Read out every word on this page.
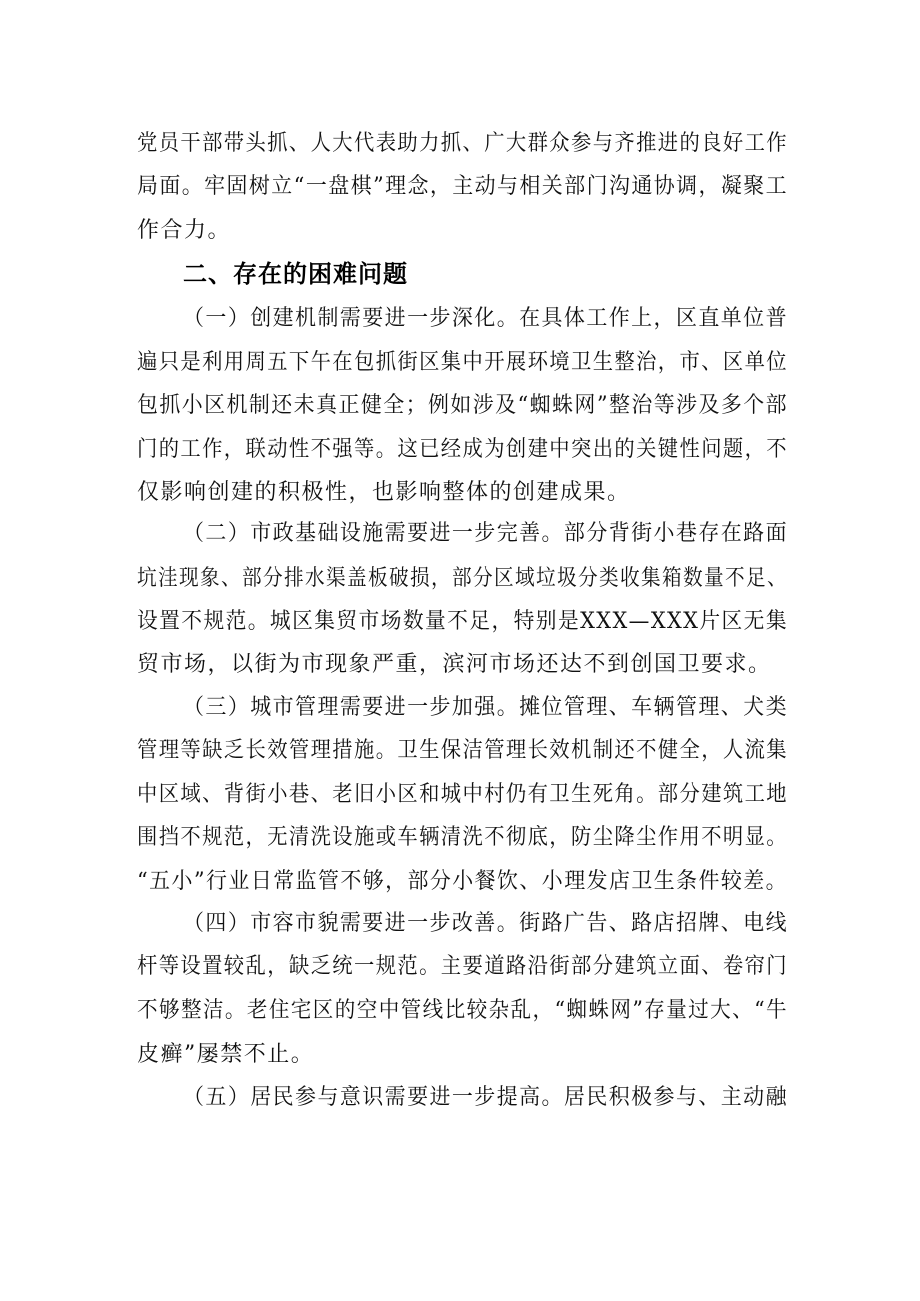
党员干部带头抓、人大代表助力抓、广大群众参与齐推进的良好工作
局面。牢固树立“一盘棋”理念，主动与相关部门沟通协调，凝聚工
作合力。
二、存在的困难问题
（一）创建机制需要进一步深化。在具体工作上，区直单位普
遍只是利用周五下午在包抓街区集中开展环境卫生整治，市、区单位
包抓小区机制还未真正健全；例如涉及“蜘蛛网”整治等涉及多个部
门的工作，联动性不强等。这已经成为创建中突出的关键性问题，不
仅影响创建的积极性，也影响整体的创建成果。
（二）市政基础设施需要进一步完善。部分背街小巷存在路面
坑洼现象、部分排水渠盖板破损，部分区域垃圾分类收集箱数量不足、
设置不规范。城区集贸市场数量不足，特别是XXX—XXX片区无集
贸市场，以街为市现象严重，滨河市场还达不到创国卫要求。
（三）城市管理需要进一步加强。摊位管理、车辆管理、犬类
管理等缺乏长效管理措施。卫生保洁管理长效机制还不健全，人流集
中区域、背街小巷、老旧小区和城中村仍有卫生死角。部分建筑工地
围挡不规范，无清洗设施或车辆清洗不彻底，防尘降尘作用不明显。
“五小”行业日常监管不够，部分小餐饮、小理发店卫生条件较差。
（四）市容市貌需要进一步改善。街路广告、路店招牌、电线
杆等设置较乱，缺乏统一规范。主要道路沿街部分建筑立面、卷帘门
不够整洁。老住宅区的空中管线比较杂乱，“蜘蛛网”存量过大、“牛
皮癣”屡禁不止。
（五）居民参与意识需要进一步提高。居民积极参与、主动融
